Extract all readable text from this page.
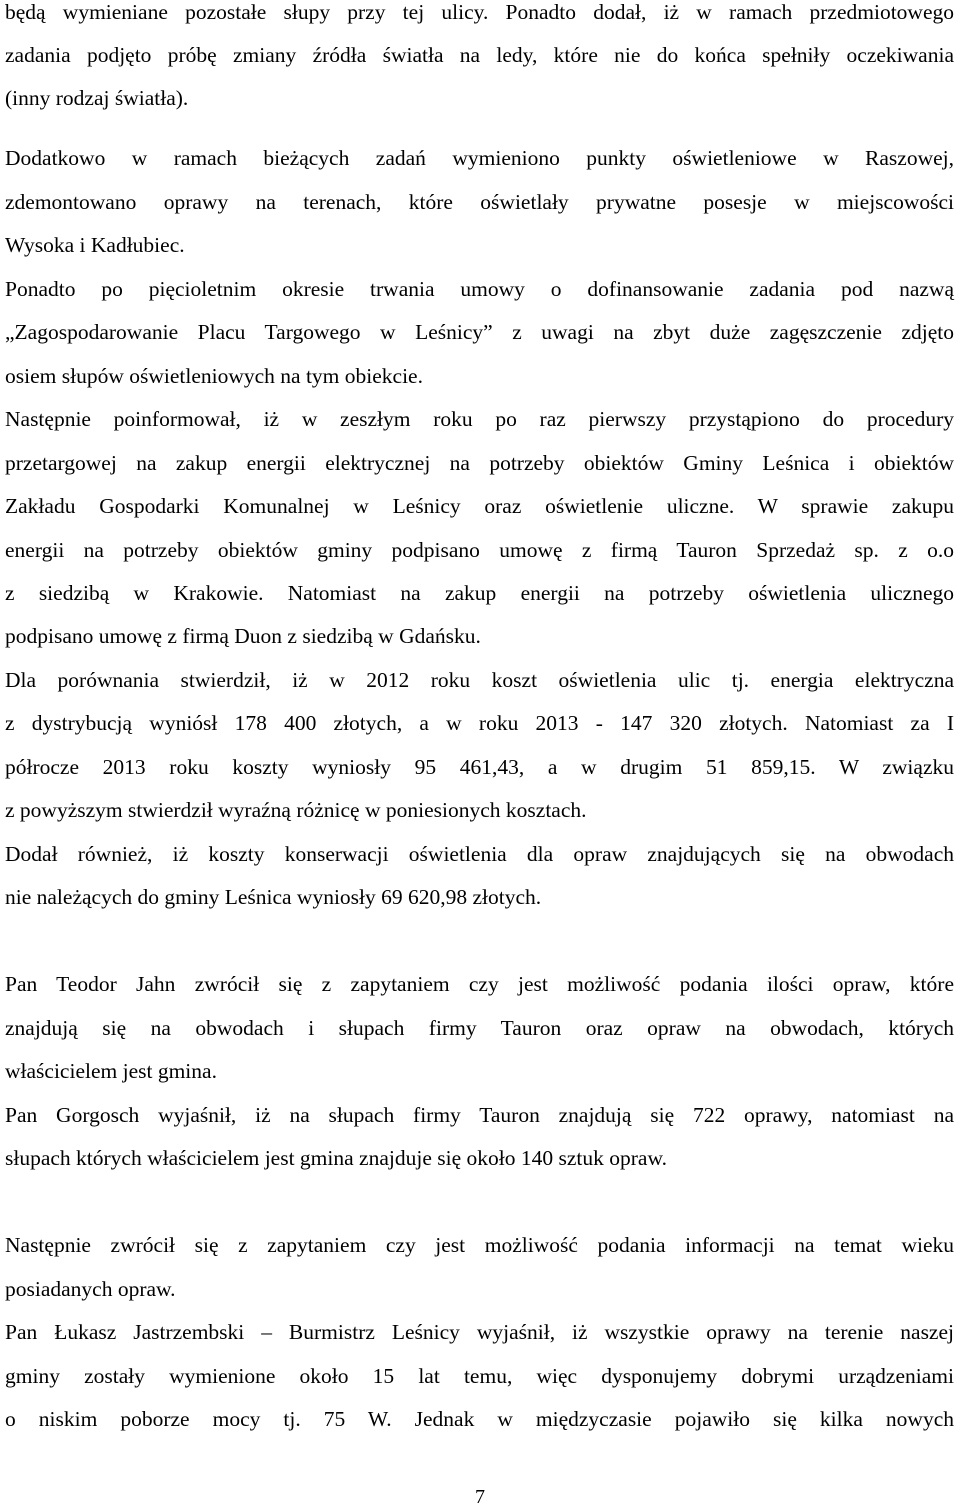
będą wymieniane pozostałe słupy przy tej ulicy. Ponadto dodał, iż w ramach przedmiotowego
zadania podjęto próbę zmiany źródła światła na ledy, które nie do końca spełniły oczekiwania
(inny rodzaj światła).
Dodatkowo w ramach bieżących zadań wymieniono punkty oświetleniowe w Raszowej,
zdemontowano oprawy na terenach, które oświetlały prywatne posesje w miejscowości
Wysoka i Kadłubiec.
Ponadto po pięcioletnim okresie trwania umowy o dofinansowanie zadania pod nazwą
„Zagospodarowanie Placu Targowego w Leśnicy” z uwagi na zbyt duże zagęszczenie zdjęto
osiem słupów oświetleniowych na tym obiekcie.
Następnie poinformował, iż w zeszłym roku po raz pierwszy przystąpiono do procedury
przetargowej na zakup energii elektrycznej na potrzeby obiektów Gminy Leśnica i obiektów
Zakładu Gospodarki Komunalnej w Leśnicy oraz oświetlenie uliczne. W sprawie zakupu
energii na potrzeby obiektów gminy podpisano umowę z firmą Tauron Sprzedaż sp. z o.o
z siedzibą w Krakowie. Natomiast na zakup energii na potrzeby oświetlenia ulicznego
podpisano umowę z firmą Duon z siedzibą w Gdańsku.
Dla porównania stwierdził, iż w 2012 roku koszt oświetlenia ulic tj. energia elektryczna
z dystrybucją wyniósł 178 400 złotych, a w roku 2013 - 147 320 złotych. Natomiast za I
półrocze 2013 roku koszty wyniosły 95 461,43, a w drugim 51 859,15. W związku
z powyższym stwierdził wyraźną różnicę w poniesionych kosztach.
Dodał również, iż koszty konserwacji oświetlenia dla opraw znajdujących się na obwodach
nie należących do gminy Leśnica wyniosły 69 620,98 złotych.
Pan Teodor Jahn zwrócił się z zapytaniem czy jest możliwość podania ilości opraw, które
znajdują się na obwodach i słupach firmy Tauron oraz opraw na obwodach, których
właścicielem jest gmina.
Pan Gorgosch wyjaśnił, iż na słupach firmy Tauron znajdują się 722 oprawy, natomiast na
słupach których właścicielem jest gmina znajduje się około 140 sztuk opraw.
Następnie zwrócił się z zapytaniem czy jest możliwość podania informacji na temat wieku
posiadanych opraw.
Pan Łukasz Jastrzembski – Burmistrz Leśnicy wyjaśnił, iż wszystkie oprawy na terenie naszej
gminy zostały wymienione około 15 lat temu, więc dysponujemy dobrymi urządzeniami
o niskim poborze mocy tj. 75 W. Jednak w międzyczasie pojawiło się kilka nowych
7
